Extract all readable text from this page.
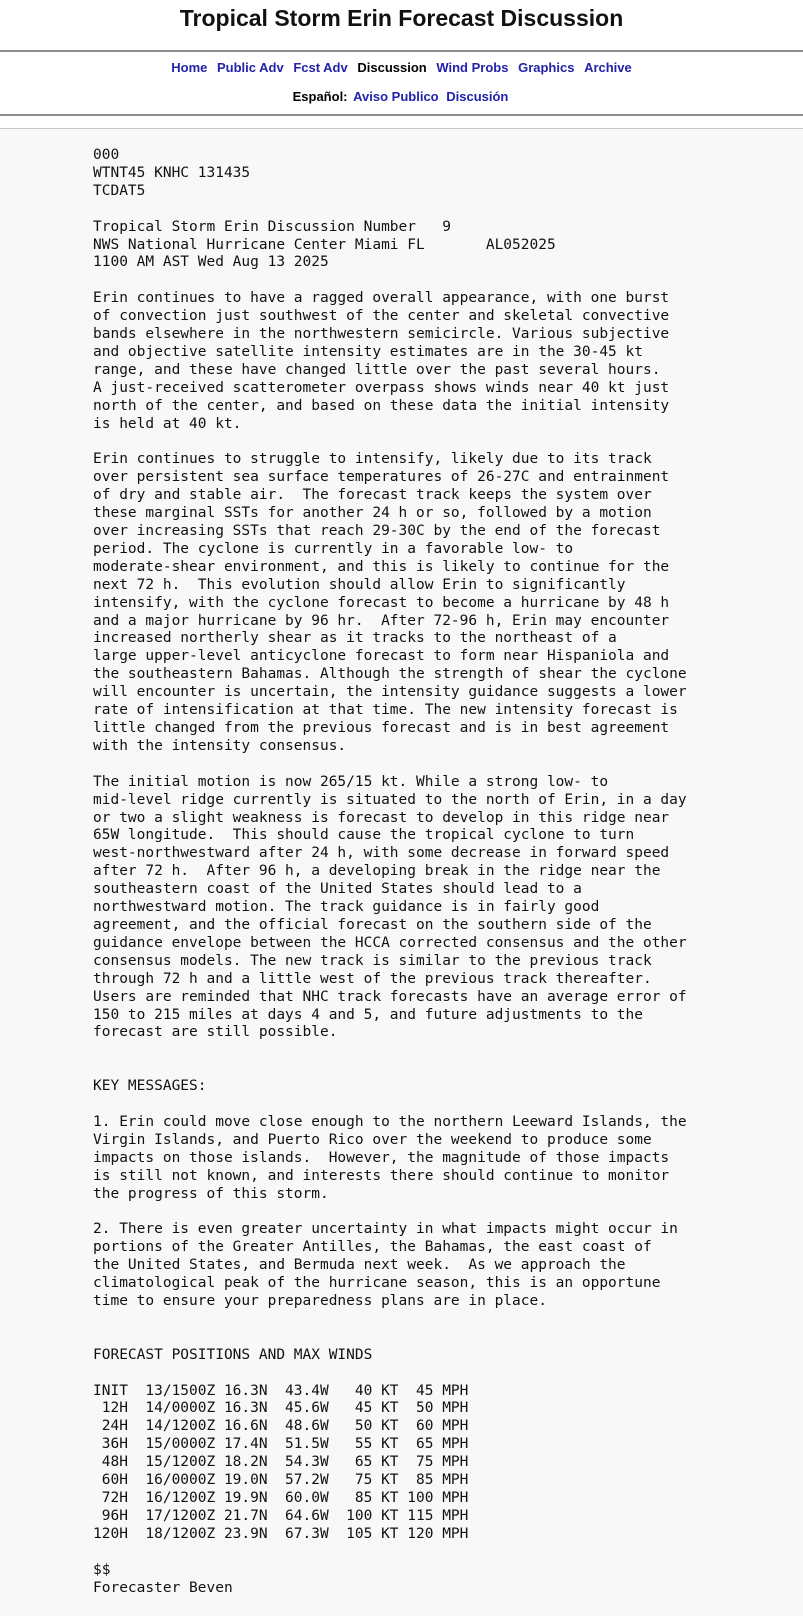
Tropical Storm Erin Forecast Discussion
Home Public Adv Fcst Adv Discussion Wind Probs Graphics Archive
Español: Aviso Publico Discusión
000
WTNT45 KNHC 131435
TCDAT5

Tropical Storm Erin Discussion Number   9
NWS National Hurricane Center Miami FL       AL052025
1100 AM AST Wed Aug 13 2025

Erin continues to have a ragged overall appearance, with one burst
of convection just southwest of the center and skeletal convective
bands elsewhere in the northwestern semicircle. Various subjective
and objective satellite intensity estimates are in the 30-45 kt
range, and these have changed little over the past several hours.
A just-received scatterometer overpass shows winds near 40 kt just
north of the center, and based on these data the initial intensity
is held at 40 kt.

Erin continues to struggle to intensify, likely due to its track
over persistent sea surface temperatures of 26-27C and entrainment
of dry and stable air.  The forecast track keeps the system over
these marginal SSTs for another 24 h or so, followed by a motion
over increasing SSTs that reach 29-30C by the end of the forecast
period. The cyclone is currently in a favorable low- to
moderate-shear environment, and this is likely to continue for the
next 72 h.  This evolution should allow Erin to significantly
intensify, with the cyclone forecast to become a hurricane by 48 h
and a major hurricane by 96 hr.  After 72-96 h, Erin may encounter
increased northerly shear as it tracks to the northeast of a
large upper-level anticyclone forecast to form near Hispaniola and
the southeastern Bahamas. Although the strength of shear the cyclone
will encounter is uncertain, the intensity guidance suggests a lower
rate of intensification at that time. The new intensity forecast is
little changed from the previous forecast and is in best agreement
with the intensity consensus.

The initial motion is now 265/15 kt. While a strong low- to
mid-level ridge currently is situated to the north of Erin, in a day
or two a slight weakness is forecast to develop in this ridge near
65W longitude.  This should cause the tropical cyclone to turn
west-northwestward after 24 h, with some decrease in forward speed
after 72 h.  After 96 h, a developing break in the ridge near the
southeastern coast of the United States should lead to a
northwestward motion. The track guidance is in fairly good
agreement, and the official forecast on the southern side of the
guidance envelope between the HCCA corrected consensus and the other
consensus models. The new track is similar to the previous track
through 72 h and a little west of the previous track thereafter.
Users are reminded that NHC track forecasts have an average error of
150 to 215 miles at days 4 and 5, and future adjustments to the
forecast are still possible.

KEY MESSAGES:

1. Erin could move close enough to the northern Leeward Islands, the
Virgin Islands, and Puerto Rico over the weekend to produce some
impacts on those islands.  However, the magnitude of those impacts
is still not known, and interests there should continue to monitor
the progress of this storm.

2. There is even greater uncertainty in what impacts might occur in
portions of the Greater Antilles, the Bahamas, the east coast of
the United States, and Bermuda next week.  As we approach the
climatological peak of the hurricane season, this is an opportune
time to ensure your preparedness plans are in place.

FORECAST POSITIONS AND MAX WINDS

INIT  13/1500Z 16.3N  43.4W   40 KT  45 MPH
12H  14/0000Z 16.3N  45.6W   45 KT  50 MPH
24H  14/1200Z 16.6N  48.6W   50 KT  60 MPH
36H  15/0000Z 17.4N  51.5W   55 KT  65 MPH
48H  15/1200Z 18.2N  54.3W   65 KT  75 MPH
60H  16/0000Z 19.0N  57.2W   75 KT  85 MPH
72H  16/1200Z 19.9N  60.0W   85 KT 100 MPH
96H  17/1200Z 21.7N  64.6W  100 KT 115 MPH
120H  18/1200Z 23.9N  67.3W  105 KT 120 MPH

$$
Forecaster Beven
